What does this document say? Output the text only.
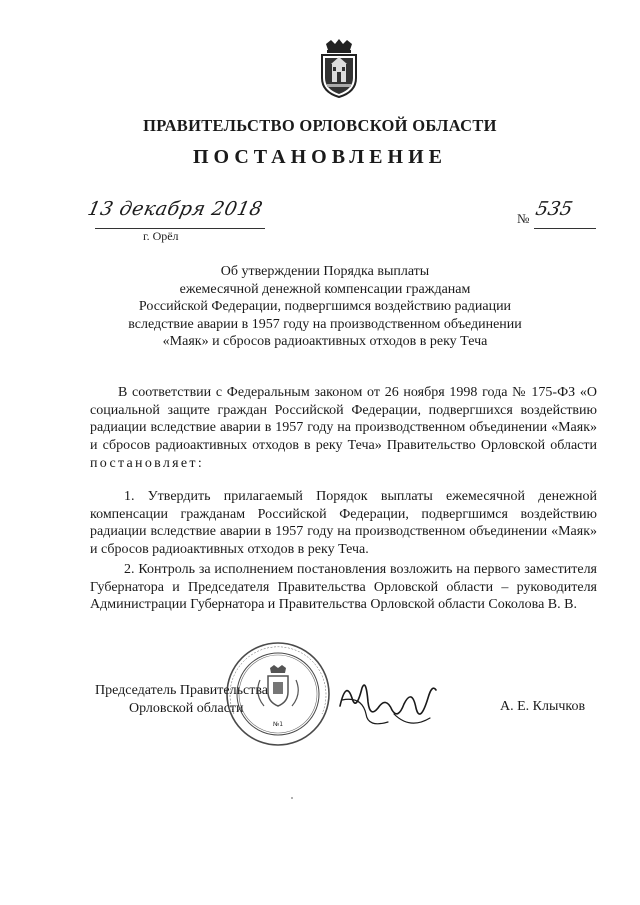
ПРАВИТЕЛЬСТВО ОРЛОВСКОЙ ОБЛАСТИ
ПОСТАНОВЛЕНИЕ
13 декабря 2018
г. Орёл
№ 535
Об утверждении Порядка выплаты
ежемесячной денежной компенсации гражданам
Российской Федерации, подвергшимся воздействию радиации
вследствие аварии в 1957 году на производственном объединении
«Маяк» и сбросов радиоактивных отходов в реку Теча
В соответствии с Федеральным законом от 26 ноября 1998 года № 175-ФЗ «О социальной защите граждан Российской Федерации, подвергшихся воздействию радиации вследствие аварии в 1957 году на производственном объединении «Маяк» и сбросов радиоактивных отходов в реку Теча» Правительство Орловской области постановляет:
1. Утвердить прилагаемый Порядок выплаты ежемесячной денежной компенсации гражданам Российской Федерации, подвергшимся воздействию радиации вследствие аварии в 1957 году на производственном объединении «Маяк» и сбросов радиоактивных отходов в реку Теча.
2. Контроль за исполнением постановления возложить на первого заместителя Губернатора и Председателя Правительства Орловской области – руководителя Администрации Губернатора и Правительства Орловской области Соколова В. В.
Председатель Правительства
Орловской области
№1
А. Е. Клычков
